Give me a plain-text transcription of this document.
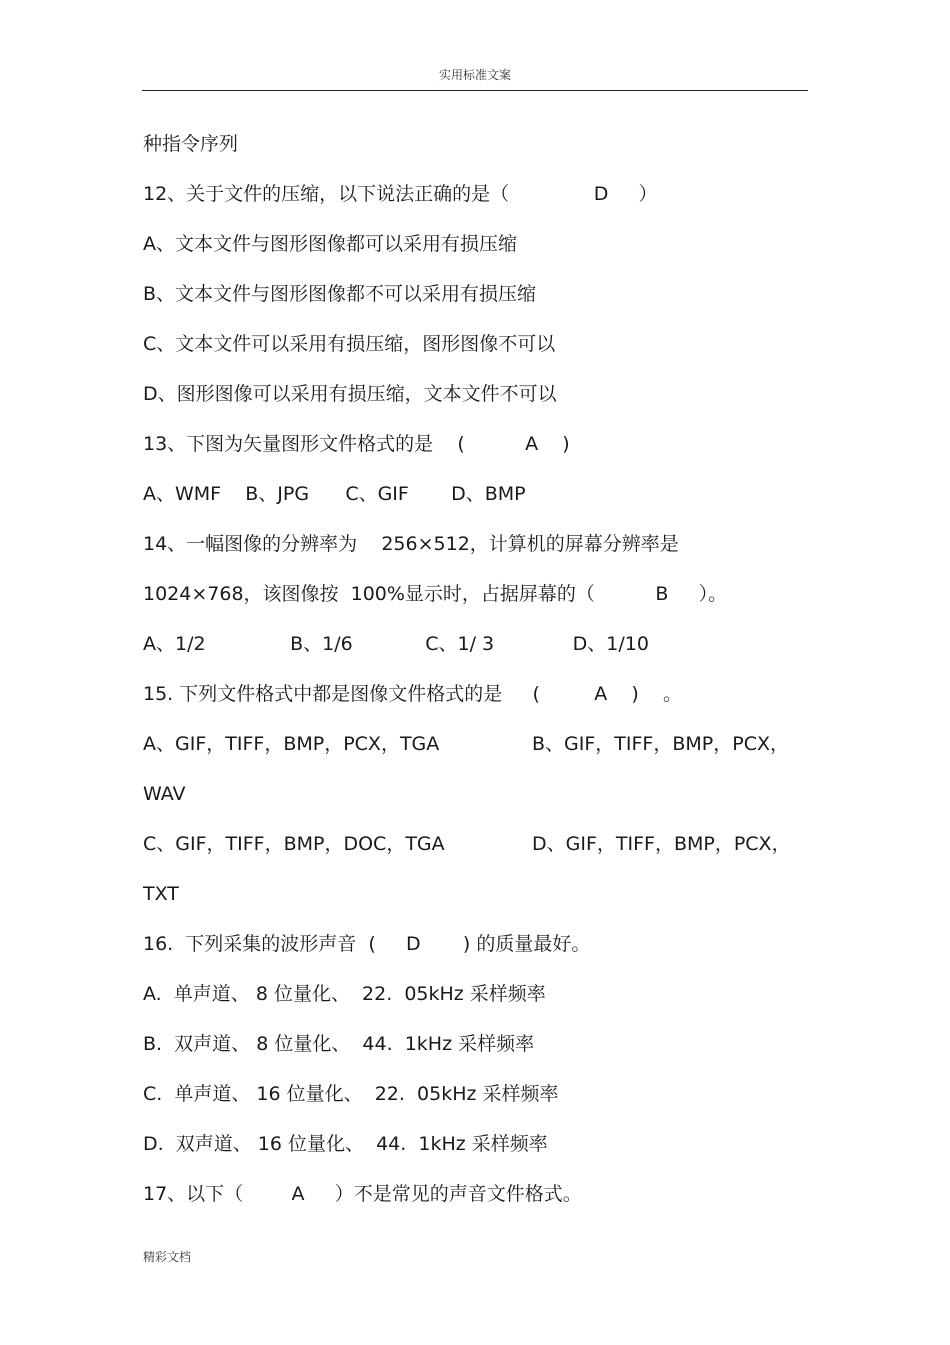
实用标准文案
种指令序列
12、关于文件的压缩，以下说法正确的是（              D     ）
A、文本文件与图形图像都可以采用有损压缩
B、文本文件与图形图像都不可以采用有损压缩
C、文本文件可以采用有损压缩，图形图像不可以
D、图形图像可以采用有损压缩，文本文件不可以
13、下图为矢量图形文件格式的是    (          A    )
A、WMF    B、JPG      C、GIF       D、BMP
14、一幅图像的分辨率为    256×512，计算机的屏幕分辨率是
1024×768，该图像按  100%显示时，占据屏幕的（          B     ）。
A、1/2              B、1/6            C、1/ 3             D、1/10
15. 下列文件格式中都是图像文件格式的是     (         A    )    。

A、GIF，TIFF，BMP，PCX，TGA

	B、GIF，TIFF，BMP，PCX，

WAV

C、GIF，TIFF，BMP，DOC，TGA

	D、GIF，TIFF，BMP，PCX，

TXT
16.  下列采集的波形声音  (     D       ) 的质量最好。
A.  单声道、 8 位量化、  22.  05kHz 采样频率
B.  双声道、 8 位量化、  44.  1kHz 采样频率
C.  单声道、 16 位量化、  22.  05kHz 采样频率
D.  双声道、 16 位量化、  44.  1kHz 采样频率
17、以下（        A     ）不是常见的声音文件格式。
精彩文档
